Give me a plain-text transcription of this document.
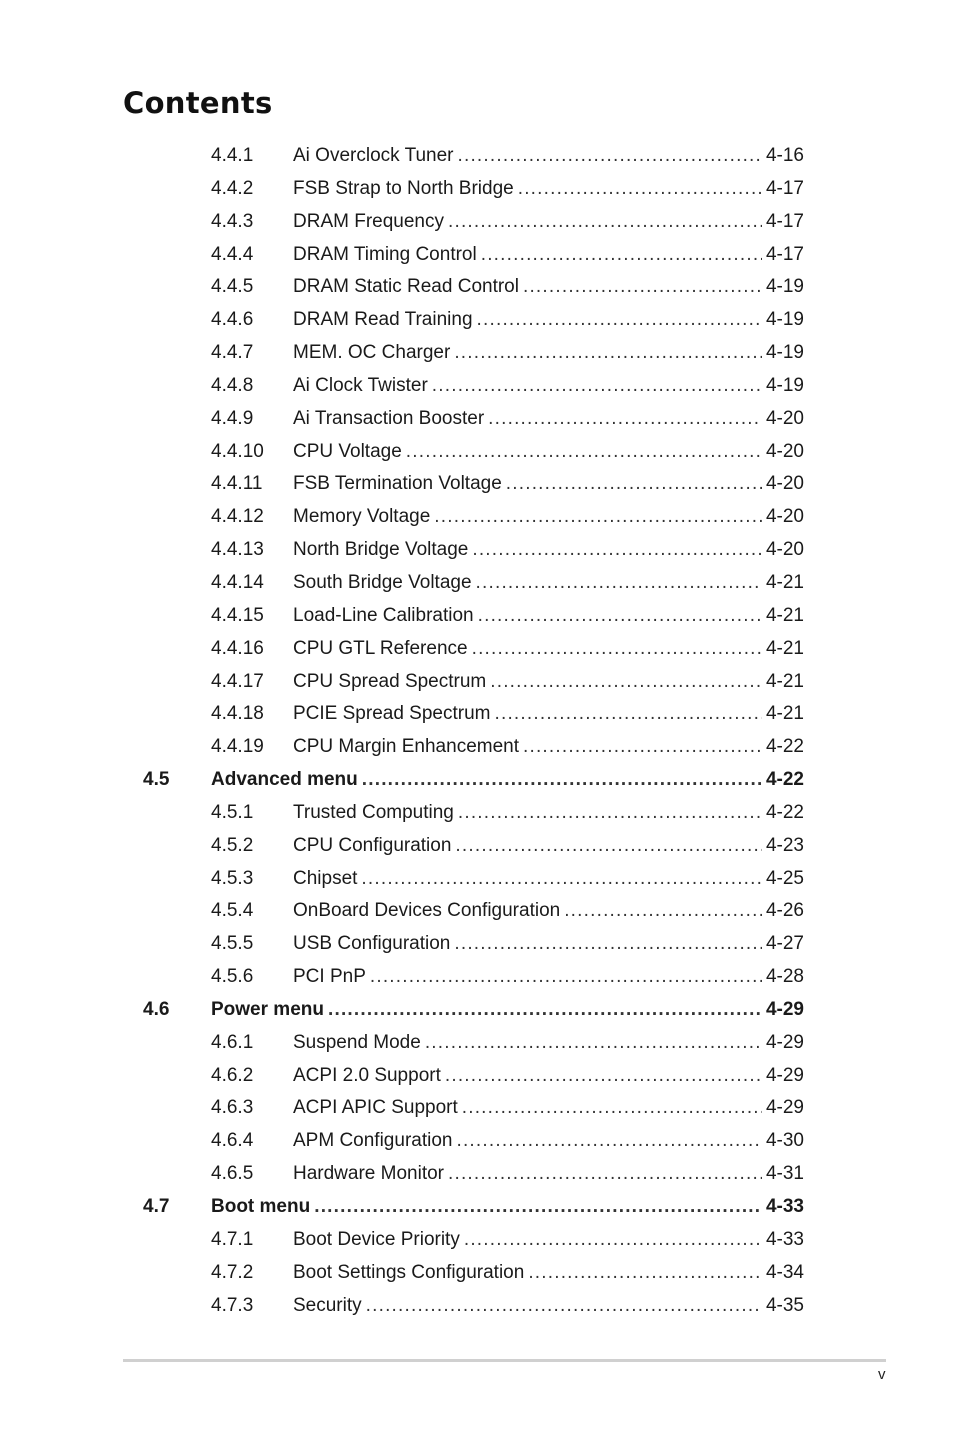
Contents
4.4.1 Ai Overclock Tuner .....	4-16
4.4.2 FSB Strap to North Bridge .....	4-17
4.4.3 DRAM Frequency .....	4-17
4.4.4 DRAM Timing Control .....	4-17
4.4.5 DRAM Static Read Control .....	4-19
4.4.6 DRAM Read Training .....	4-19
4.4.7 MEM. OC Charger .....	4-19
4.4.8 Ai Clock Twister .....	4-19
4.4.9 Ai Transaction Booster .....	4-20
4.4.10 CPU Voltage .....	4-20
4.4.11 FSB Termination Voltage .....	4-20
4.4.12 Memory Voltage .....	4-20
4.4.13 North Bridge Voltage .....	4-20
4.4.14 South Bridge Voltage .....	4-21
4.4.15 Load-Line Calibration .....	4-21
4.4.16 CPU GTL Reference .....	4-21
4.4.17 CPU Spread Spectrum .....	4-21
4.4.18 PCIE Spread Spectrum .....	4-21
4.4.19 CPU Margin Enhancement .....	4-22
4.5 Advanced menu .....	4-22
4.5.1 Trusted Computing .....	4-22
4.5.2 CPU Configuration .....	4-23
4.5.3 Chipset .....	4-25
4.5.4 OnBoard Devices Configuration .....	4-26
4.5.5 USB Configuration .....	4-27
4.5.6 PCI PnP .....	4-28
4.6 Power menu .....	4-29
4.6.1 Suspend Mode .....	4-29
4.6.2 ACPI 2.0 Support .....	4-29
4.6.3 ACPI APIC Support .....	4-29
4.6.4 APM Configuration .....	4-30
4.6.5 Hardware Monitor .....	4-31
4.7 Boot menu .....	4-33
4.7.1 Boot Device Priority .....	4-33
4.7.2 Boot Settings Configuration .....	4-34
4.7.3 Security .....	4-35
v
